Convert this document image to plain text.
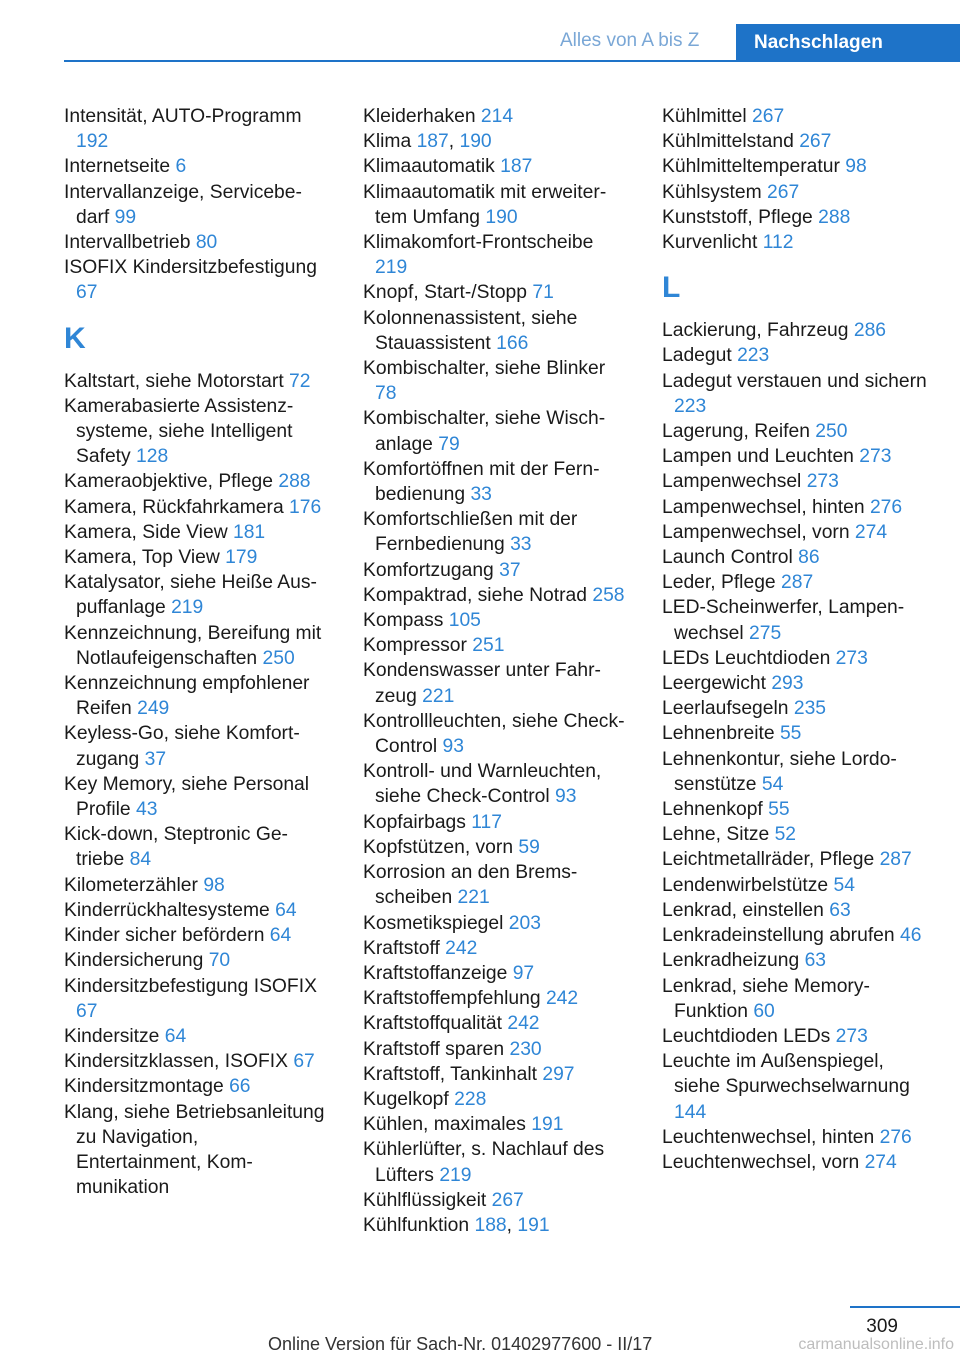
Alles von A bis Z	Nachschlagen

Intensität, AUTO-Programm 192

Internetseite 6

Intervallanzeige, Servicebedarf 99

Intervallbetrieb 80

ISOFIX Kindersitzbefestigung 67

K

Kaltstart, siehe Motorstart 72

Kamerabasierte Assistenzsysteme, siehe Intelligent Safety 128

Kameraobjektive, Pflege 288

Kamera, Rückfahrkamera 176

Kamera, Side View 181

Kamera, Top View 179

Katalysator, siehe Heiße Auspuffanlage 219

Kennzeichnung, Bereifung mit Notlaufeigenschaften 250

Kennzeichnung empfohlener Reifen 249

Keyless-Go, siehe Komfortzugang 37

Key Memory, siehe Personal Profile 43

Kick-down, Steptronic Getriebe 84

Kilometerzähler 98

Kinderrückhaltesysteme 64

Kinder sicher befördern 64

Kindersicherung 70

Kindersitzbefestigung ISOFIX 67

Kindersitze 64

Kindersitzklassen, ISOFIX 67

Kindersitzmontage 66

Klang, siehe Betriebsanleitung zu Navigation, Entertainment, Kommunikation

Kleiderhaken 214

Klima 187, 190

Klimaautomatik 187

Klimaautomatik mit erweitertem Umfang 190

Klimakomfort-Frontscheibe 219

Knopf, Start-/Stopp 71

Kolonnenassistent, siehe Stauassistent 166

Kombischalter, siehe Blinker 78

Kombischalter, siehe Wischanlage 79

Komfortöffnen mit der Fernbedienung 33

Komfortschließen mit der Fernbedienung 33

Komfortzugang 37

Kompaktrad, siehe Notrad 258

Kompass 105

Kompressor 251

Kondenswasser unter Fahrzeug 221

Kontrollleuchten, siehe Check-Control 93

Kontroll- und Warnleuchten, siehe Check-Control 93

Kopfairbags 117

Kopfstützen, vorn 59

Korrosion an den Bremsscheiben 221

Kosmetikspiegel 203

Kraftstoff 242

Kraftstoffanzeige 97

Kraftstoffempfehlung 242

Kraftstoffqualität 242

Kraftstoff sparen 230

Kraftstoff, Tankinhalt 297

Kugelkopf 228

Kühlen, maximales 191

Kühlerlüfter, s. Nachlauf des Lüfters 219

Kühlflüssigkeit 267

Kühlfunktion 188, 191

Kühlmittel 267

Kühlmittelstand 267

Kühlmitteltemperatur 98

Kühlsystem 267

Kunststoff, Pflege 288

Kurvenlicht 112

L

Lackierung, Fahrzeug 286

Ladegut 223

Ladegut verstauen und sichern 223

Lagerung, Reifen 250

Lampen und Leuchten 273

Lampenwechsel 273

Lampenwechsel, hinten 276

Lampenwechsel, vorn 274

Launch Control 86

Leder, Pflege 287

LED-Scheinwerfer, Lampenwechsel 275

LEDs Leuchtdioden 273

Leergewicht 293

Leerlaufsegeln 235

Lehnenbreite 55

Lehnenkontur, siehe Lordosenstütze 54

Lehnenkopf 55

Lehne, Sitze 52

Leichtmetallräder, Pflege 287

Lendenwirbelstütze 54

Lenkrad, einstellen 63

Lenkradeinstellung abrufen 46

Lenkradheizung 63

Lenkrad, siehe Memory-Funktion 60

Leuchtdioden LEDs 273

Leuchte im Außenspiegel, siehe Spurwechselwarnung 144

Leuchtenwechsel, hinten 276

Leuchtenwechsel, vorn 274

309
Online Version für Sach-Nr. 01402977600 - II/17	carmanualsonline.info
